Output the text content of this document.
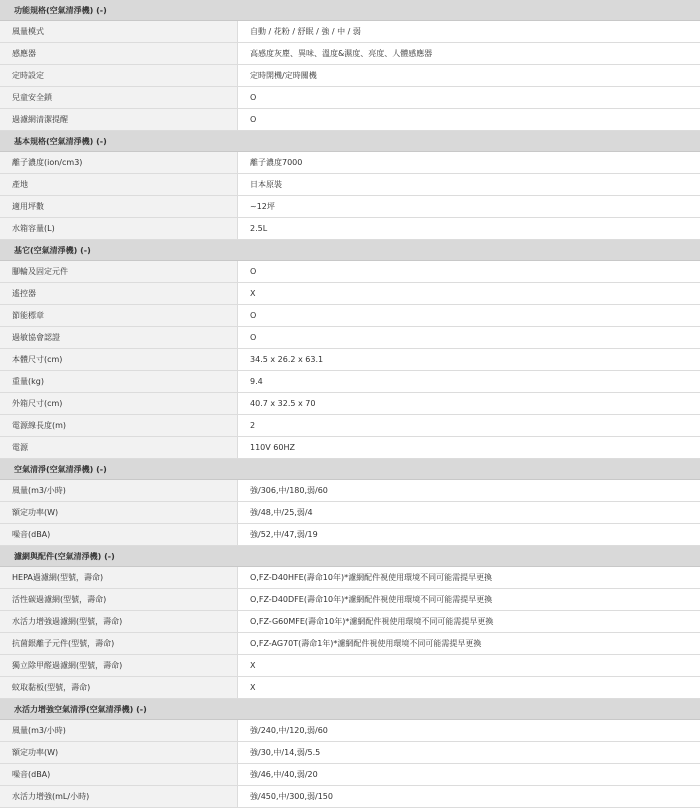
功能規格(空氣清淨機) (-)
風量模式	自動 / 花粉 / 舒眠 / 強 / 中 / 弱
感應器	高感度灰塵、異味、溫度&濕度、亮度、人體感應器
定時設定	定時開機/定時關機
兒童安全鎖	O
過濾網清潔提醒	O
基本規格(空氣清淨機) (-)
離子濃度(ion/cm3)	離子濃度7000
產地	日本原裝
適用坪數	~12坪
水箱容量(L)	2.5L
基它(空氣清淨機) (-)
腳輪及固定元件	O
遙控器	X
節能標章	O
過敏協會認證	O
本體尺寸(cm)	34.5 x 26.2 x 63.1
重量(kg)	9.4
外箱尺寸(cm)	40.7 x 32.5 x 70
電源線長度(m)	2
電源	110V 60HZ
空氣清淨(空氣清淨機) (-)
風量(m3/小時)	強/306,中/180,弱/60
額定功率(W)	強/48,中/25,弱/4
噪音(dBA)	強/52,中/47,弱/19
濾網與配件(空氣清淨機) (-)
HEPA過濾網(型號，壽命)	O,FZ-D40HFE(壽命10年)*濾網配件視使用環境不同可能需提早更換
活性碳過濾網(型號，壽命)	O,FZ-D40DFE(壽命10年)*濾網配件視使用環境不同可能需提早更換
水活力增強過濾網(型號，壽命)	O,FZ-G60MFE(壽命10年)*濾網配件視使用環境不同可能需提早更換
抗菌銀離子元件(型號，壽命)	O,FZ-AG70T(壽命1年)*濾網配件視使用環境不同可能需提早更換
獨立除甲醛過濾網(型號，壽命)	X
蚊取黏板(型號，壽命)	X
水活力增強空氣清淨(空氣清淨機) (-)
風量(m3/小時)	強/240,中/120,弱/60
額定功率(W)	強/30,中/14,弱/5.5
噪音(dBA)	強/46,中/40,弱/20
水活力增強(mL/小時)	強/450,中/300,弱/150
